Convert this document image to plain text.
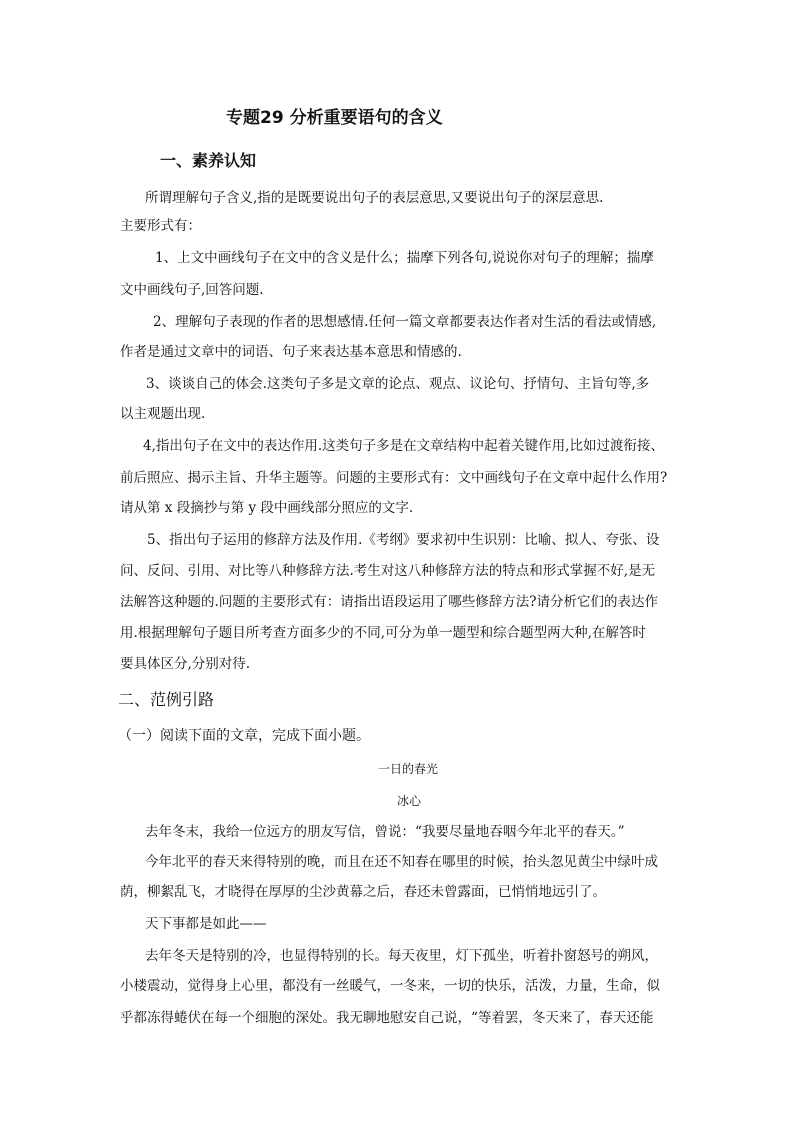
专题29 分析重要语句的含义
一、素养认知
所谓理解句子含义,指的是既要说出句子的表层意思,又要说出句子的深层意思.
主要形式有：
1、上文中画线句子在文中的含义是什么；揣摩下列各句,说说你对句子的理解；揣摩
文中画线句子,回答问题.
2、理解句子表现的作者的思想感情.任何一篇文章都要表达作者对生活的看法或情感,
作者是通过文章中的词语、句子来表达基本意思和情感的.
3、谈谈自己的体会.这类句子多是文章的论点、观点、议论句、抒情句、主旨句等,多
以主观题出现.
4,指出句子在文中的表达作用.这类句子多是在文章结构中起着关键作用,比如过渡衔接、
前后照应、揭示主旨、升华主题等。问题的主要形式有：文中画线句子在文章中起什么作用?
请从第 x 段摘抄与第 y 段中画线部分照应的文字.
5、指出句子运用的修辞方法及作用.《考纲》要求初中生识别：比喻、拟人、夸张、设
问、反问、引用、对比等八种修辞方法.考生对这八种修辞方法的特点和形式掌握不好,是无
法解答这种题的.问题的主要形式有：请指出语段运用了哪些修辞方法?请分析它们的表达作
用.根据理解句子题目所考查方面多少的不同,可分为单一题型和综合题型两大种,在解答时
要具体区分,分别对待.
二、范例引路
（一）阅读下面的文章，完成下面小题。
一日的春光
冰心
去年冬末，我给一位远方的朋友写信，曾说：“我要尽量地吞咽今年北平的春天。”
今年北平的春天来得特别的晚，而且在还不知春在哪里的时候，抬头忽见黄尘中绿叶成
荫，柳絮乱飞，才晓得在厚厚的尘沙黄幕之后，春还未曾露面，已悄悄地远引了。
天下事都是如此——
去年冬天是特别的冷，也显得特别的长。每天夜里，灯下孤坐，听着扑窗怒号的朔风，
小楼震动，觉得身上心里，都没有一丝暖气，一冬来，一切的快乐，活泼，力量，生命，似
乎都冻得蜷伏在每一个细胞的深处。我无聊地慰安自己说，“等着罢，冬天来了，春天还能
